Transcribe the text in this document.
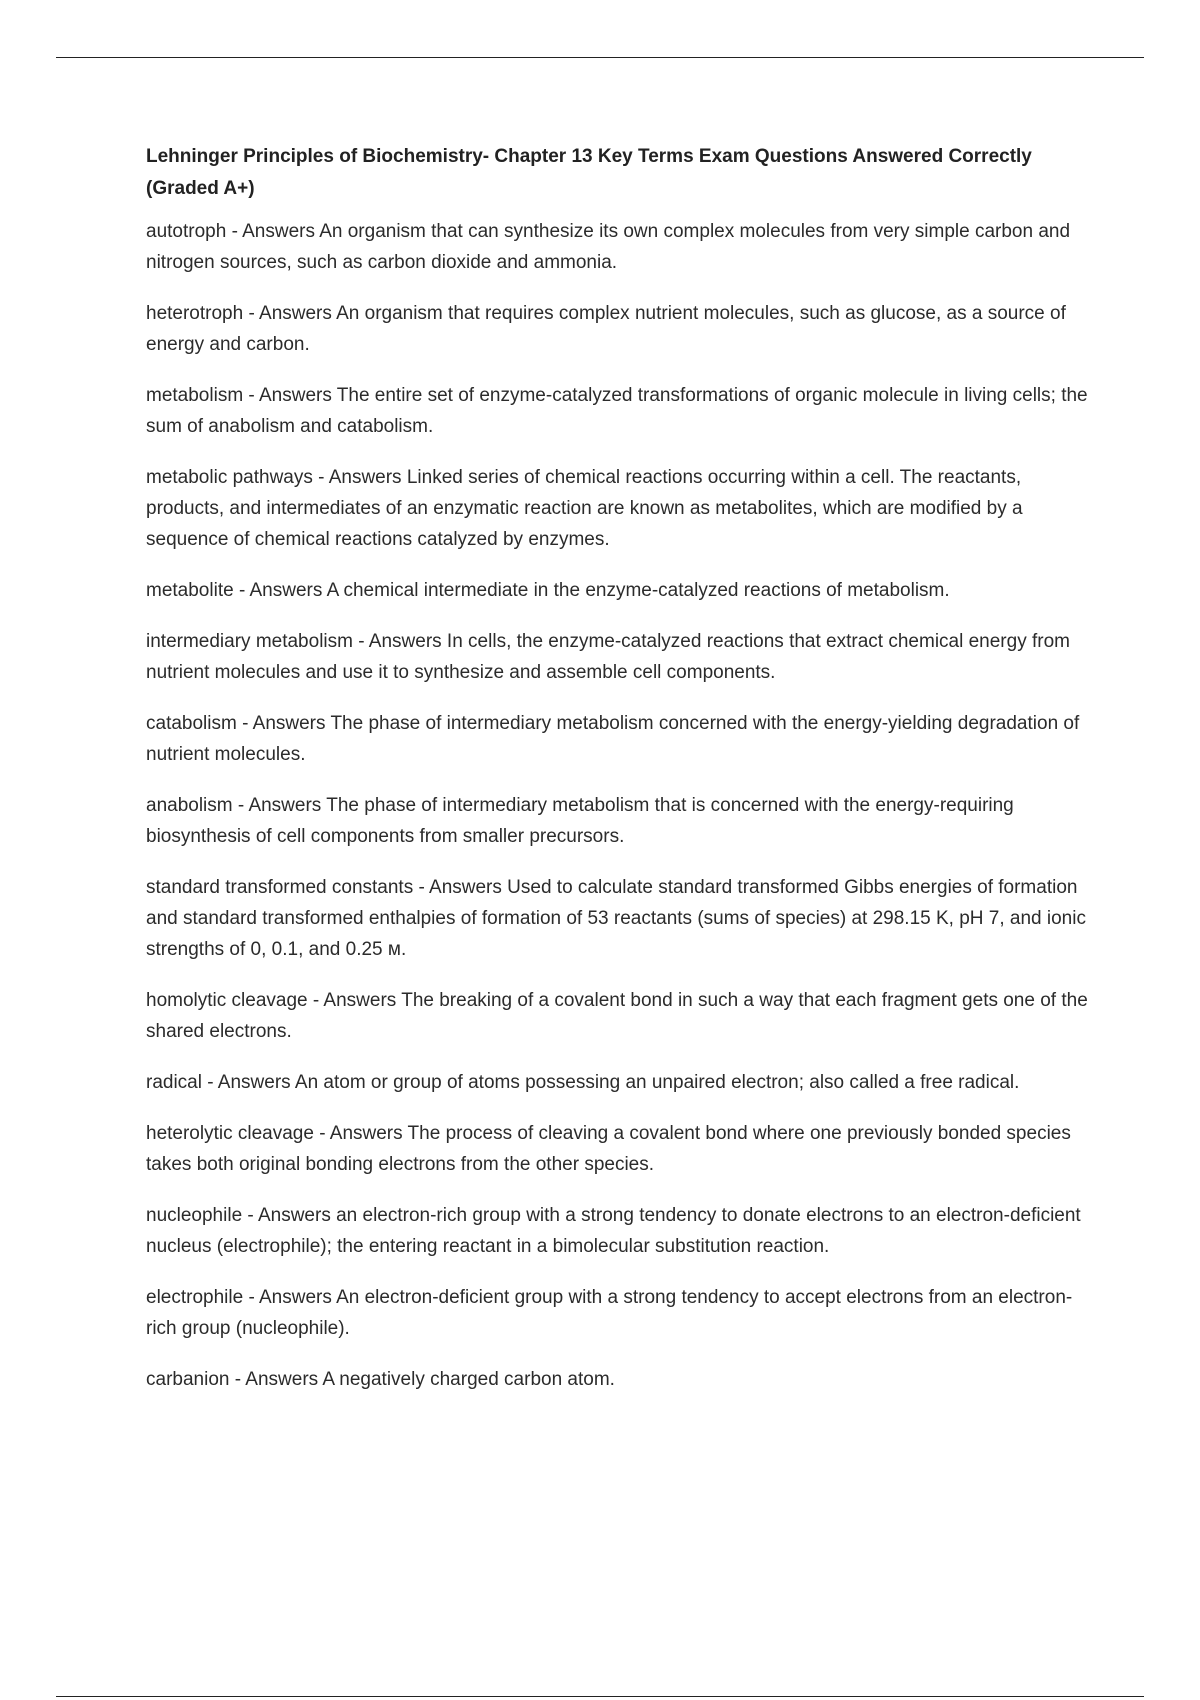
Lehninger Principles of Biochemistry- Chapter 13 Key Terms Exam Questions Answered Correctly (Graded A+)

autotroph - Answers An organism that can synthesize its own complex molecules from very simple carbon and nitrogen sources, such as carbon dioxide and ammonia.

heterotroph - Answers An organism that requires complex nutrient molecules, such as glucose, as a source of energy and carbon.

metabolism - Answers The entire set of enzyme-catalyzed transformations of organic molecule in living cells; the sum of anabolism and catabolism.

metabolic pathways - Answers Linked series of chemical reactions occurring within a cell. The reactants, products, and intermediates of an enzymatic reaction are known as metabolites, which are modified by a sequence of chemical reactions catalyzed by enzymes.

metabolite - Answers A chemical intermediate in the enzyme-catalyzed reactions of metabolism.

intermediary metabolism - Answers In cells, the enzyme-catalyzed reactions that extract chemical energy from nutrient molecules and use it to synthesize and assemble cell components.

catabolism - Answers The phase of intermediary metabolism concerned with the energy-yielding degradation of nutrient molecules.

anabolism - Answers The phase of intermediary metabolism that is concerned with the energy-requiring biosynthesis of cell components from smaller precursors.

standard transformed constants - Answers Used to calculate standard transformed Gibbs energies of formation and standard transformed enthalpies of formation of 53 reactants (sums of species) at 298.15 K, pH 7, and ionic strengths of 0, 0.1, and 0.25 м.

homolytic cleavage - Answers The breaking of a covalent bond in such a way that each fragment gets one of the shared electrons.

radical - Answers An atom or group of atoms possessing an unpaired electron; also called a free radical.

heterolytic cleavage - Answers The process of cleaving a covalent bond where one previously bonded species takes both original bonding electrons from the other species.

nucleophile - Answers an electron-rich group with a strong tendency to donate electrons to an electron-deficient nucleus (electrophile); the entering reactant in a bimolecular substitution reaction.

electrophile - Answers An electron-deficient group with a strong tendency to accept electrons from an electron-rich group (nucleophile).

carbanion - Answers A negatively charged carbon atom.
